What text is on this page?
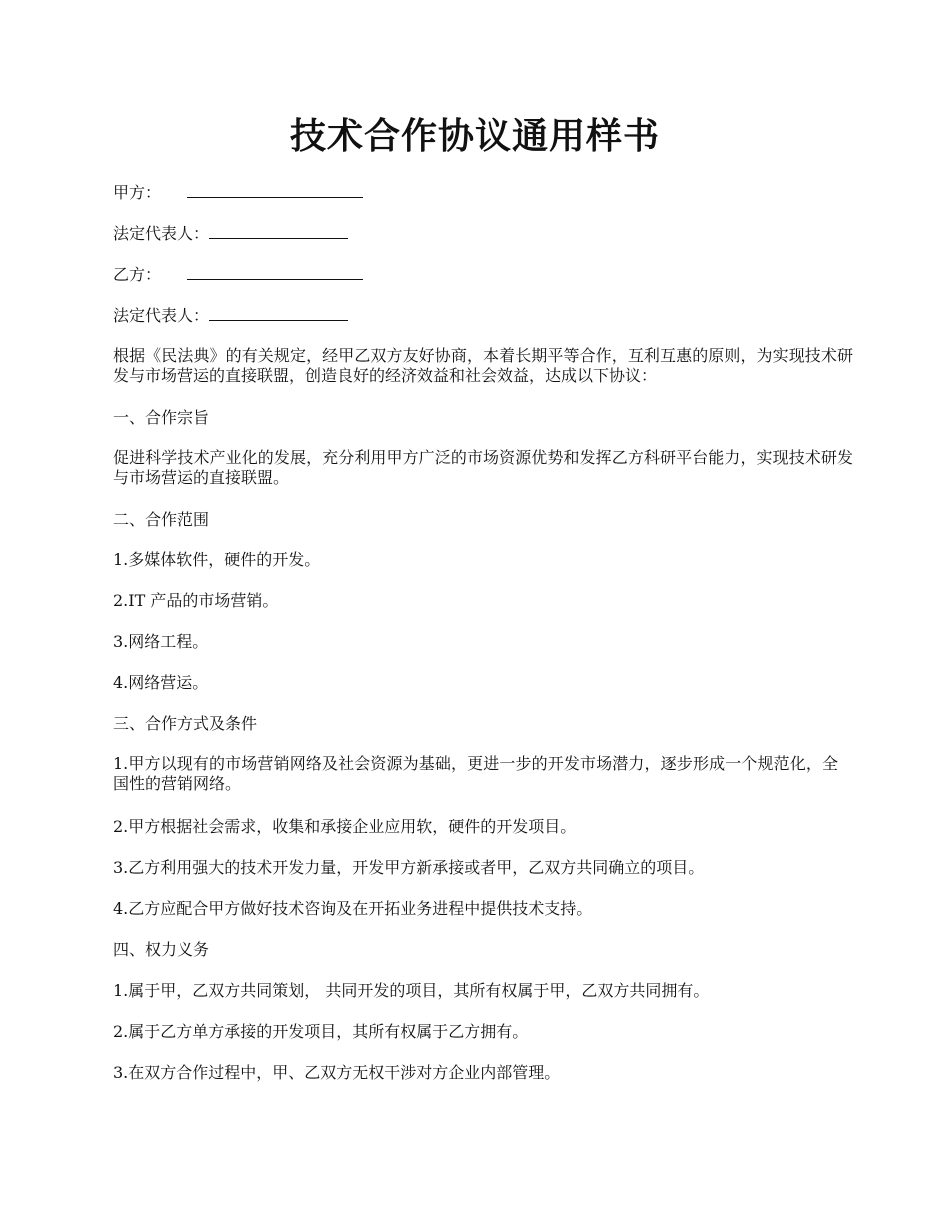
技术合作协议通用样书

甲方：

法定代表人：

乙方：

法定代表人：

根据《民法典》的有关规定，经甲乙双方友好协商，本着长期平等合作，互利互惠的原则，为实现技术研发与市场营运的直接联盟，创造良好的经济效益和社会效益，达成以下协议：

一、合作宗旨

促进科学技术产业化的发展，充分利用甲方广泛的市场资源优势和发挥乙方科研平台能力，实现技术研发与市场营运的直接联盟。

二、合作范围

1.多媒体软件，硬件的开发。

2.IT 产品的市场营销。

3.网络工程。

4.网络营运。

三、合作方式及条件

1.甲方以现有的市场营销网络及社会资源为基础，更进一步的开发市场潜力，逐步形成一个规范化，全国性的营销网络。

2.甲方根据社会需求，收集和承接企业应用软，硬件的开发项目。

3.乙方利用强大的技术开发力量，开发甲方新承接或者甲，乙双方共同确立的项目。

4.乙方应配合甲方做好技术咨询及在开拓业务进程中提供技术支持。

四、权力义务

1.属于甲，乙双方共同策划， 共同开发的项目，其所有权属于甲，乙双方共同拥有。

2.属于乙方单方承接的开发项目，其所有权属于乙方拥有。

3.在双方合作过程中，甲、乙双方无权干涉对方企业内部管理。
